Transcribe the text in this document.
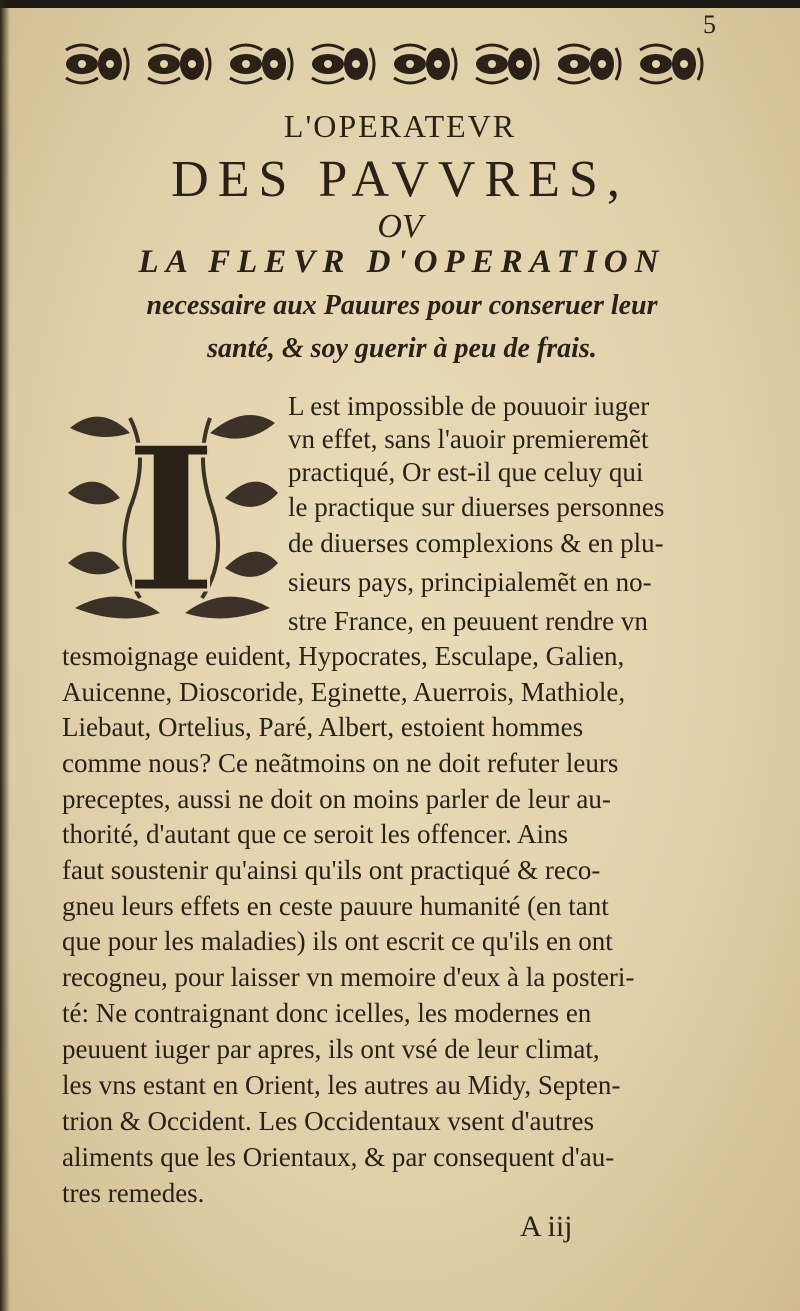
5
L'OPERATEVR
DES PAVVRES,
OV
LA FLEVR D'OPERATION
necessaire aux Pauures pour conseruer leur
santé, & soy guerir à peu de frais.
I	L est impossible de pouuoir iuger
vn effet, sans l'auoir premieremẽt
practiqué, Or est-il que celuy qui
le practique sur diuerses personnes
de diuerses complexions & en plu-
sieurs pays, principialemẽt en no-
stre France, en peuuent rendre vn
tesmoignage euident, Hypocrates, Esculape, Galien,
Auicenne, Dioscoride, Eginette, Auerrois, Mathiole,
Liebaut, Ortelius, Paré, Albert, estoient hommes
comme nous? Ce neãtmoins on ne doit refuter leurs
preceptes, aussi ne doit on moins parler de leur au-
thorité, d'autant que ce seroit les offencer. Ains
faut soustenir qu'ainsi qu'ils ont practiqué & reco-
gneu leurs effets en ceste pauure humanité (en tant
que pour les maladies) ils ont escrit ce qu'ils en ont
recogneu, pour laisser vn memoire d'eux à la posteri-
té: Ne contraignant donc icelles, les modernes en
peuuent iuger par apres, ils ont vsé de leur climat,
les vns estant en Orient, les autres au Midy, Septen-
trion & Occident. Les Occidentaux vsent d'autres
aliments que les Orientaux, & par consequent d'au-
tres remedes.
A iij
